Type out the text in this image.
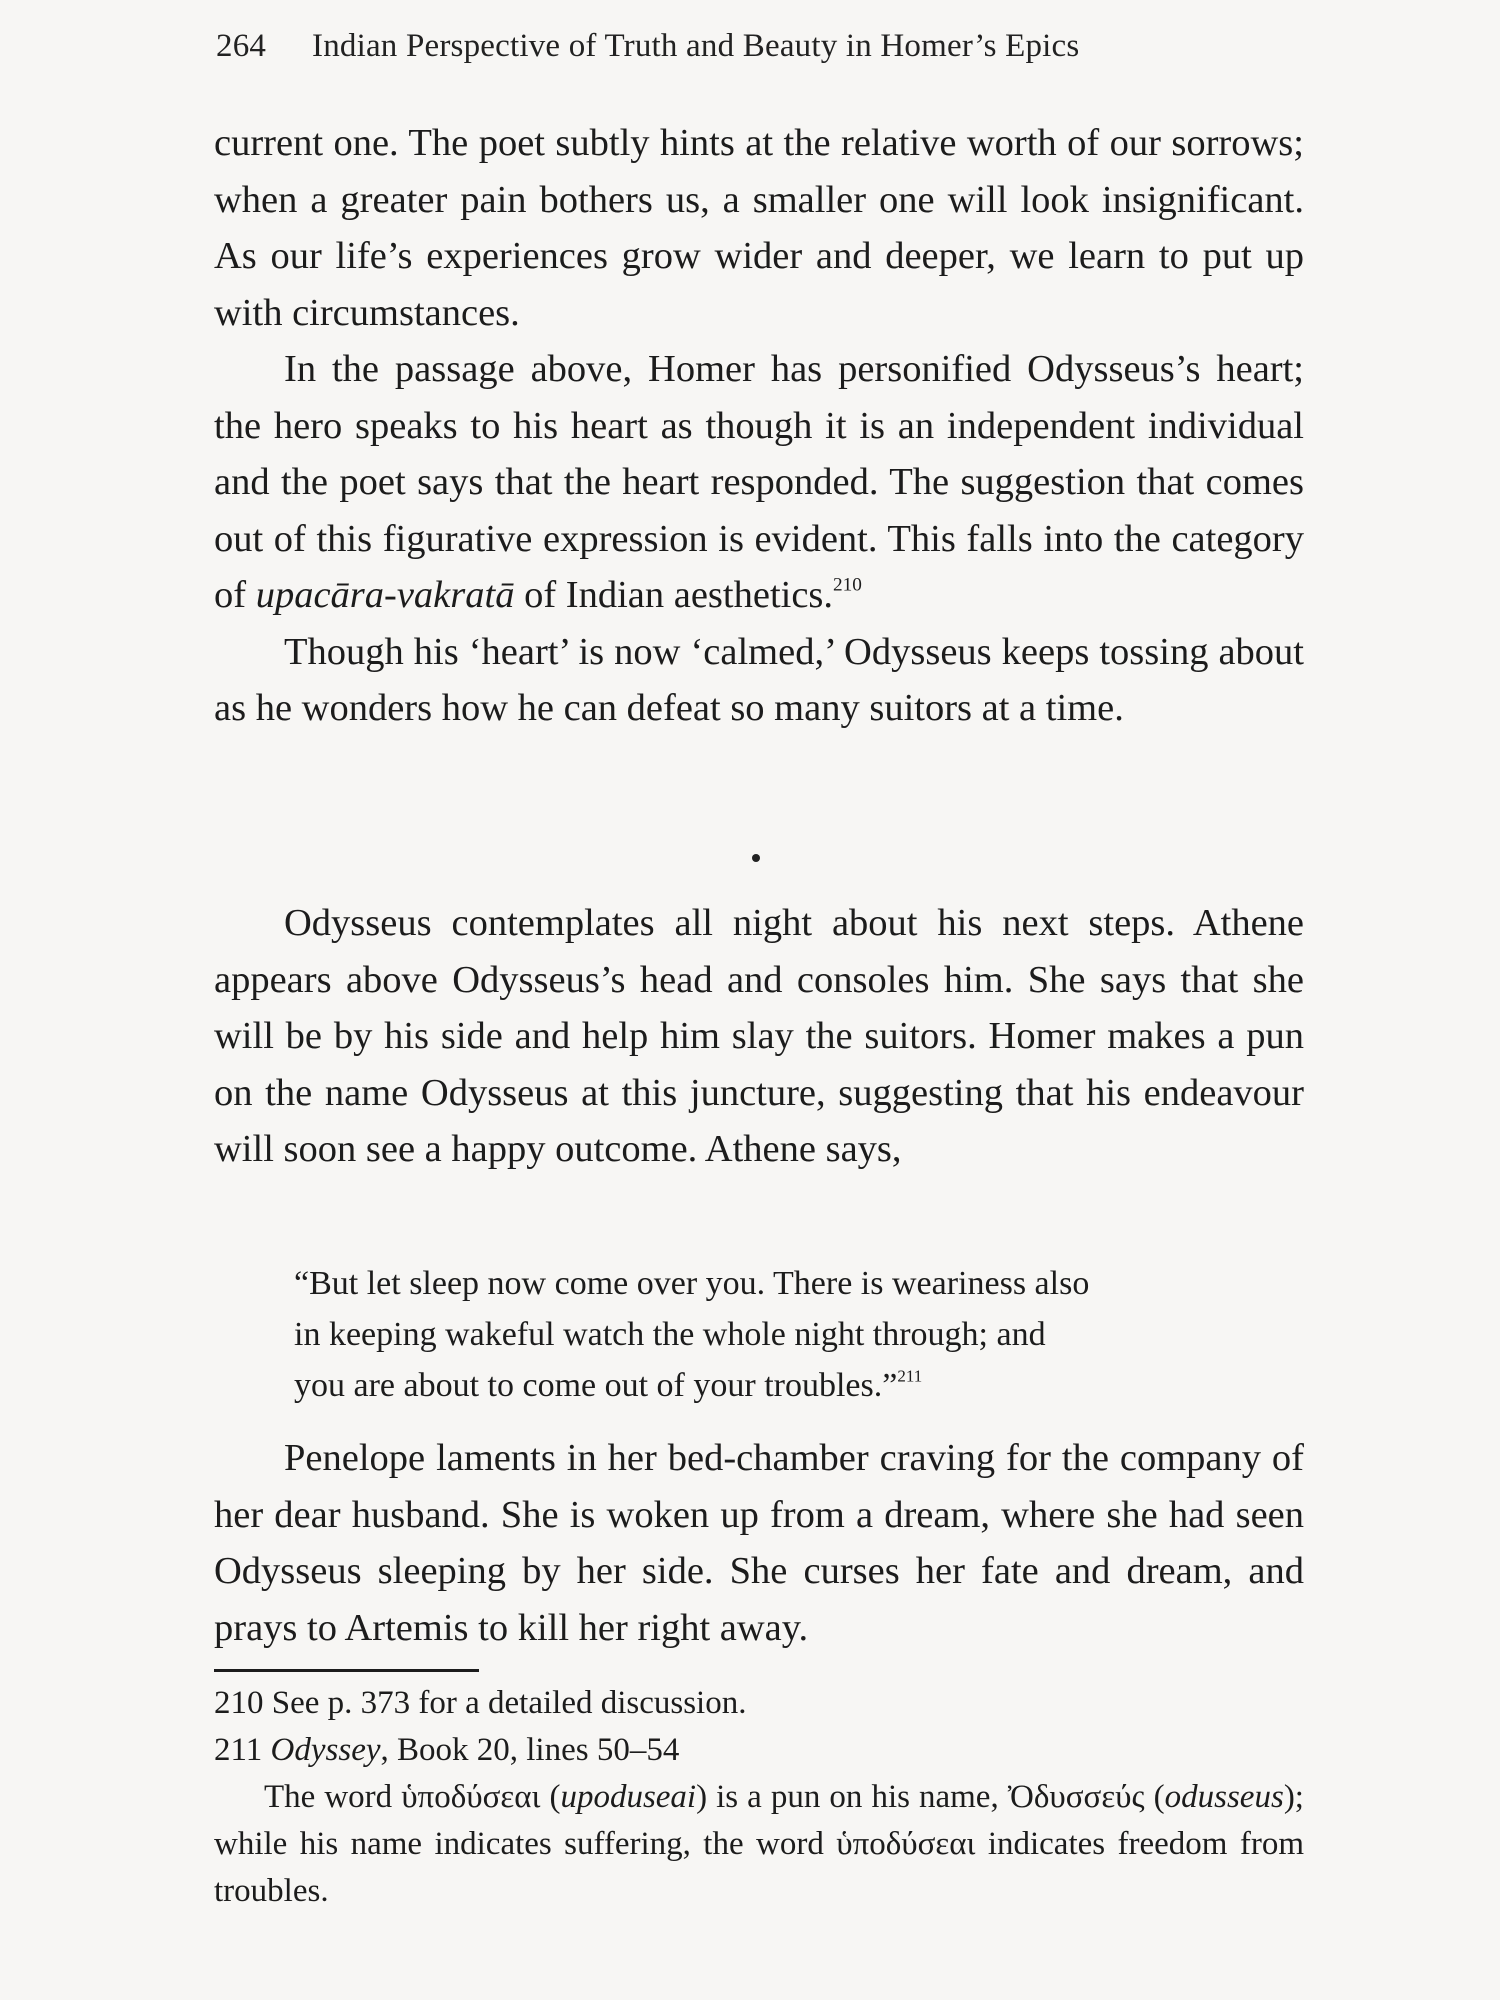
264 Indian Perspective of Truth and Beauty in Homer’s Epics

current one. The poet subtly hints at the relative worth of our sorrows; when a greater pain bothers us, a smaller one will look insignificant. As our life’s experiences grow wider and deeper, we learn to put up with circumstances.

In the passage above, Homer has personified Odysseus’s heart; the hero speaks to his heart as though it is an independent individual and the poet says that the heart responded. The suggestion that comes out of this figurative expression is evident. This falls into the category of upacāra-vakratā of Indian aesthetics.$^{210}$

Though his ‘heart’ is now ‘calmed,’ Odysseus keeps tossing about as he wonders how he can defeat so many suitors at a time.

Odysseus contemplates all night about his next steps. Athene appears above Odysseus’s head and consoles him. She says that she will be by his side and help him slay the suitors. Homer makes a pun on the name Odysseus at this juncture, suggesting that his endeavour will soon see a happy outcome. Athene says,

“But let sleep now come over you. There is weariness also
in keeping wakeful watch the whole night through; and
you are about to come out of your troubles.”$^{211}$

Penelope laments in her bed-chamber craving for the company of her dear husband. She is woken up from a dream, where she had seen Odysseus sleeping by her side. She curses her fate and dream, and prays to Artemis to kill her right away.

210 See p. 373 for a detailed discussion.

211 Odyssey, Book 20, lines 50–54

The word ὑποδύσεαι (upoduseai) is a pun on his name, Ὀδυσσεύς (odusseus); while his name indicates suffering, the word ὑποδύσεαι indicates freedom from troubles.
